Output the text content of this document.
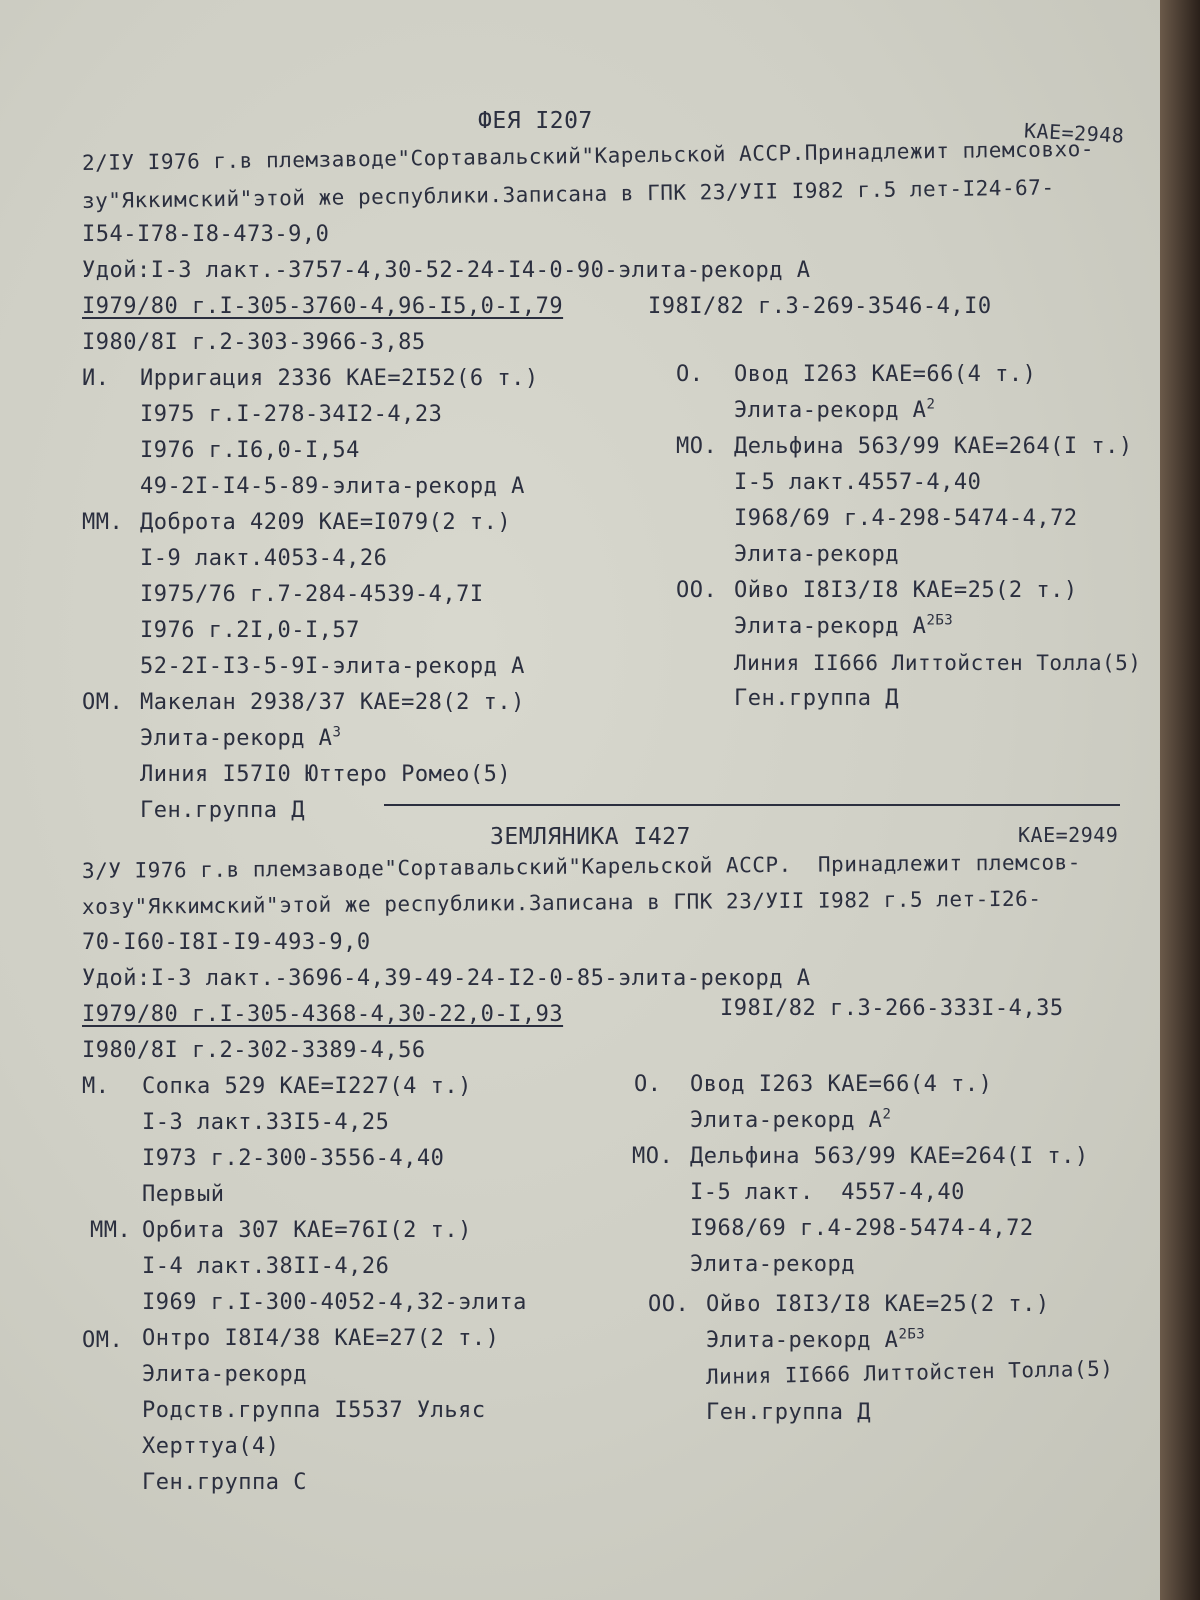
ФЕЯ I207	КАЕ=2948
2/IУ I976 г.в племзаводе"Сортавальский"Карельской АССР.Принадлежит племсовхо-
зу"Яккимский"этой же республики.Записана в ГПК 23/УII I982 г.5 лет-I24-67-
I54-I78-I8-473-9,0
Удой:I-3 лакт.-3757-4,30-52-24-I4-0-90-элита-рекорд А
I979/80 г.I-305-3760-4,96-I5,0-I,79	I98I/82 г.3-269-3546-4,I0
I980/8I г.2-303-3966-3,85
И. Ирригация 2336 КАЕ=2I52(6 т.)
I975 г.I-278-34I2-4,23
I976 г.I6,0-I,54
49-2I-I4-5-89-элита-рекорд А
ММ. Доброта 4209 КАЕ=I079(2 т.)
I-9 лакт.4053-4,26
I975/76 г.7-284-4539-4,7I
I976 г.2I,0-I,57
52-2I-I3-5-9I-элита-рекорд А
ОМ. Макелан 2938/37 КАЕ=28(2 т.)
Элита-рекорд $А^3$
Линия I57I0 Юттеро Ромео(5)
Ген.группа Д
О. Овод I263 КАЕ=66(4 т.)
Элита-рекорд $А^2$
МО. Дельфина 563/99 КАЕ=264(I т.)
I-5 лакт.4557-4,40
I968/69 г.4-298-5474-4,72
Элита-рекорд
ОО. Ойво I8I3/I8 КАЕ=25(2 т.)
Элита-рекорд $А^{2Б3}$
Линия II666 Литтойстен Толла(5)
Ген.группа Д
ЗЕМЛЯНИКА I427	КАЕ=2949
3/У I976 г.в племзаводе"Сортавальский"Карельской АССР.  Принадлежит племсов-
хозу"Яккимский"этой же республики.Записана в ГПК 23/УII I982 г.5 лет-I26-
70-I60-I8I-I9-493-9,0
Удой:I-3 лакт.-3696-4,39-49-24-I2-0-85-элита-рекорд А
I979/80 г.I-305-4368-4,30-22,0-I,93	I98I/82 г.3-266-333I-4,35
I980/8I г.2-302-3389-4,56
М. Сопка 529 КАЕ=I227(4 т.)
I-3 лакт.33I5-4,25
I973 г.2-300-3556-4,40
Первый
ММ. Орбита 307 КАЕ=76I(2 т.)
I-4 лакт.38II-4,26
I969 г.I-300-4052-4,32-элита
ОМ. Онтро I8I4/38 КАЕ=27(2 т.)
Элита-рекорд
Родств.группа I5537 Ульяс
Херттуа(4)
Ген.группа С
О. Овод I263 КАЕ=66(4 т.)
Элита-рекорд $А^2$
МО. Дельфина 563/99 КАЕ=264(I т.)
I-5 лакт.  4557-4,40
I968/69 г.4-298-5474-4,72
Элита-рекорд
ОО. Ойво I8I3/I8 КАЕ=25(2 т.)
Элита-рекорд $А^{2Б3}$
Линия II666 Литтойстен Толла(5)
Ген.группа Д
